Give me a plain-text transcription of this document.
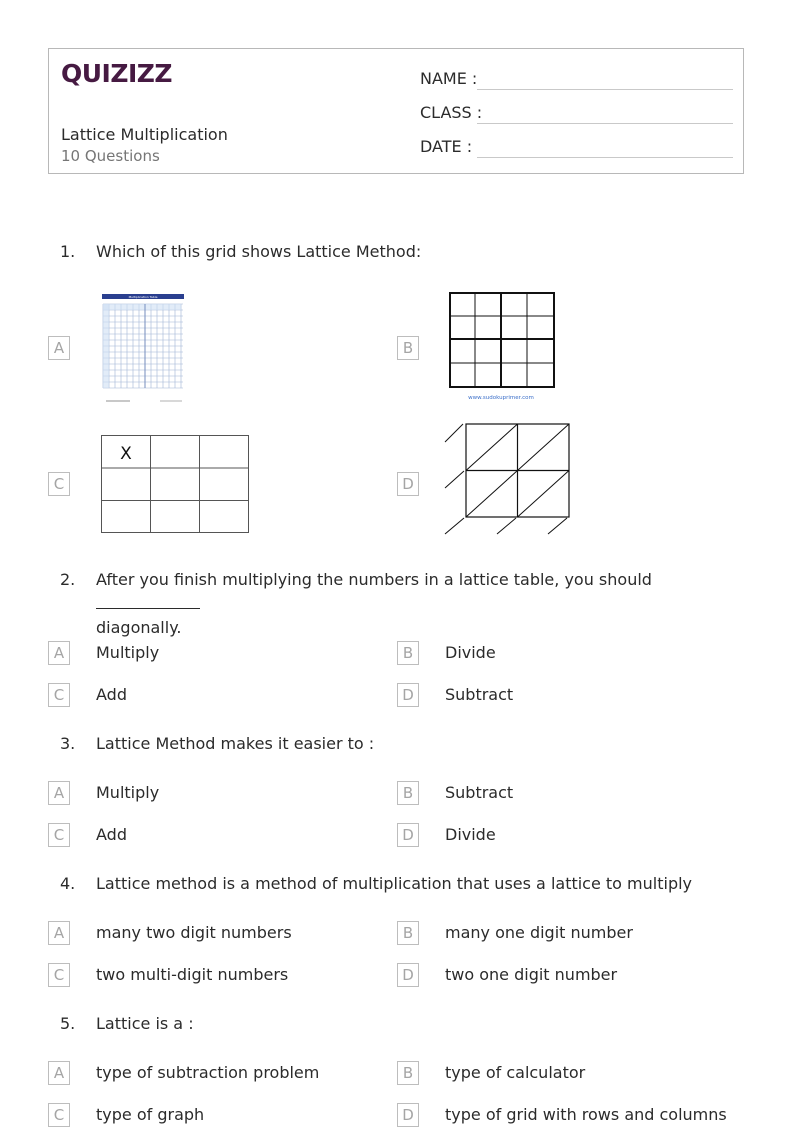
QUIZIZZ
Lattice Multiplication
10 Questions
NAME :
CLASS :
DATE :
1. Which of this grid shows Lattice Method:
A
Multiplication Table
B
www.sudokuprimer.com
C
X
D
2. After you finish multiplying the numbers in a lattice table, you should
diagonally.
A	Multiply	B	Divide
C	Add	D	Subtract
3. Lattice Method makes it easier to :
A	Multiply	B	Subtract
C	Add	D	Divide
4. Lattice method is a method of multiplication that uses a lattice to multiply
A	many two digit numbers	B	many one digit number
C	two multi-digit numbers	D	two one digit number
5. Lattice is a :
A	type of subtraction problem	B	type of calculator
C	type of graph	D	type of grid with rows and columns
